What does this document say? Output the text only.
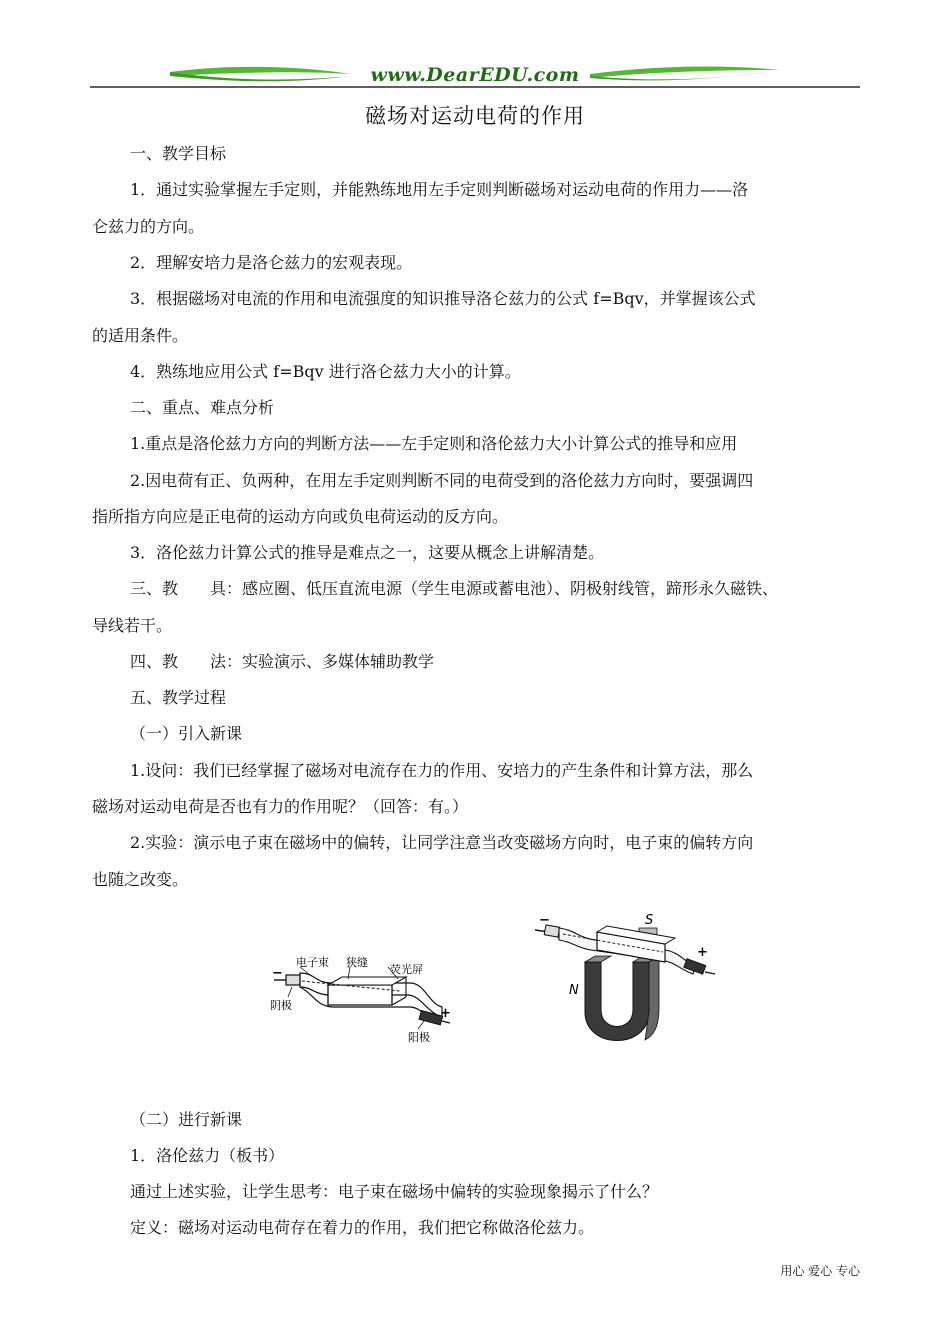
www.DearEDU.com
磁场对运动电荷的作用
一、教学目标
1．通过实验掌握左手定则，并能熟练地用左手定则判断磁场对运动电荷的作用力——洛
仑兹力的方向。
2．理解安培力是洛仑兹力的宏观表现。
3．根据磁场对电流的作用和电流强度的知识推导洛仑兹力的公式 f=Bqv，并掌握该公式
的适用条件。
4．熟练地应用公式 f=Bqv 进行洛仑兹力大小的计算。
二、重点、难点分析
1.重点是洛伦兹力方向的判断方法——左手定则和洛伦兹力大小计算公式的推导和应用
2.因电荷有正、负两种，在用左手定则判断不同的电荷受到的洛伦兹力方向时，要强调四
指所指方向应是正电荷的运动方向或负电荷运动的反方向。
3．洛伦兹力计算公式的推导是难点之一，这要从概念上讲解清楚。
三、教　　具：感应圈、低压直流电源（学生电源或蓄电池）、阴极射线管，蹄形永久磁铁、
导线若干。
四、教　　法：实验演示、多媒体辅助教学
五、教学过程
（一）引入新课
1.设问：我们已经掌握了磁场对电流存在力的作用、安培力的产生条件和计算方法，那么
磁场对运动电荷是否也有力的作用呢？（回答：有。）
2.实验：演示电子束在磁场中的偏转，让同学注意当改变磁场方向时，电子束的偏转方向
也随之改变。
电子束 狭缝
荧光屏
阴极
阳极
−
+
S
N
−
+
（二）进行新课
1．洛伦兹力（板书）
通过上述实验，让学生思考：电子束在磁场中偏转的实验现象揭示了什么？
定义：磁场对运动电荷存在着力的作用，我们把它称做洛伦兹力。
用心 爱心 专心
